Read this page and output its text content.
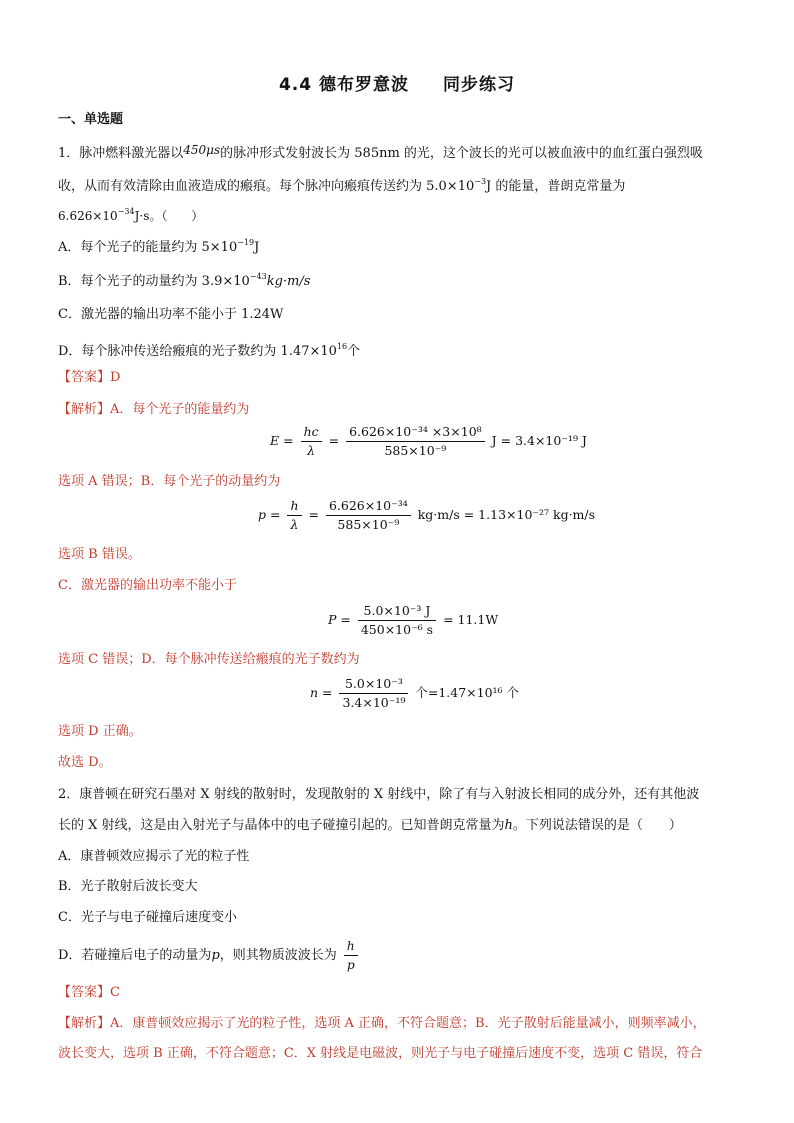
4.4 德布罗意波 同步练习
一、单选题
1．脉冲燃料激光器以450μs的脉冲形式发射波长为 585nm 的光，这个波长的光可以被血液中的血红蛋白强烈吸
收，从而有效清除由血液造成的瘢痕。每个脉冲向瘢痕传送约为 $5.0\times 10^{-3}J$ 的能量，普朗克常量为
$6.626\times 10^{-34}J\cdot s$。（　　）
A．每个光子的能量约为 $5\times 10^{-19}J$
B．每个光子的动量约为 $3.9\times 10^{-43}kg\cdot m/s$
C．激光器的输出功率不能小于 1.24W
D．每个脉冲传送给瘢痕的光子数约为 $1.47\times 10^{16}$个
【答案】D
【解析】A．每个光子的能量约为
$E = \frac{hc}{\lambda} = \frac{\text{6.626×10⁻³⁴ ×3×10⁸}}{\text{585×10⁻⁹}}$ J = 3.4×10⁻¹⁹ J
选项 A 错误；B．每个光子的动量约为
$p = \frac{h}{\lambda} = \frac{\text{6.626×10⁻³⁴}}{\text{585×10⁻⁹}} kg\cdot m/s = 1.13\times 10^{-27}$ kg·m/s
选项 B 错误。
C．激光器的输出功率不能小于
$P = \frac{\text{5.0×10⁻³ J}}{\text{450×10⁻⁶ s}} = 11.1W$
选项 C 错误；D．每个脉冲传送给瘢痕的光子数约为
$n = \frac{\text{5.0×10⁻³}}{\text{3.4×10⁻¹⁹}}$ 个=1.47×10¹⁶ 个
选项 D 正确。
故选 D。
2．康普顿在研究石墨对 X 射线的散射时，发现散射的 X 射线中，除了有与入射波长相同的成分外，还有其他波
长的 X 射线，这是由入射光子与晶体中的电子碰撞引起的。已知普朗克常量为h。下列说法错误的是（　　）
A．康普顿效应揭示了光的粒子性
B．光子散射后波长变大
C．光子与电子碰撞后速度变小
D．若碰撞后电子的动量为p，则其物质波波长为 $\frac{h}{p}$
【答案】C
【解析】A．康普顿效应揭示了光的粒子性，选项 A 正确，不符合题意；B．光子散射后能量减小，则频率减小，
波长变大，选项 B 正确，不符合题意；C．X 射线是电磁波，则光子与电子碰撞后速度不变，选项 C 错误，符合
